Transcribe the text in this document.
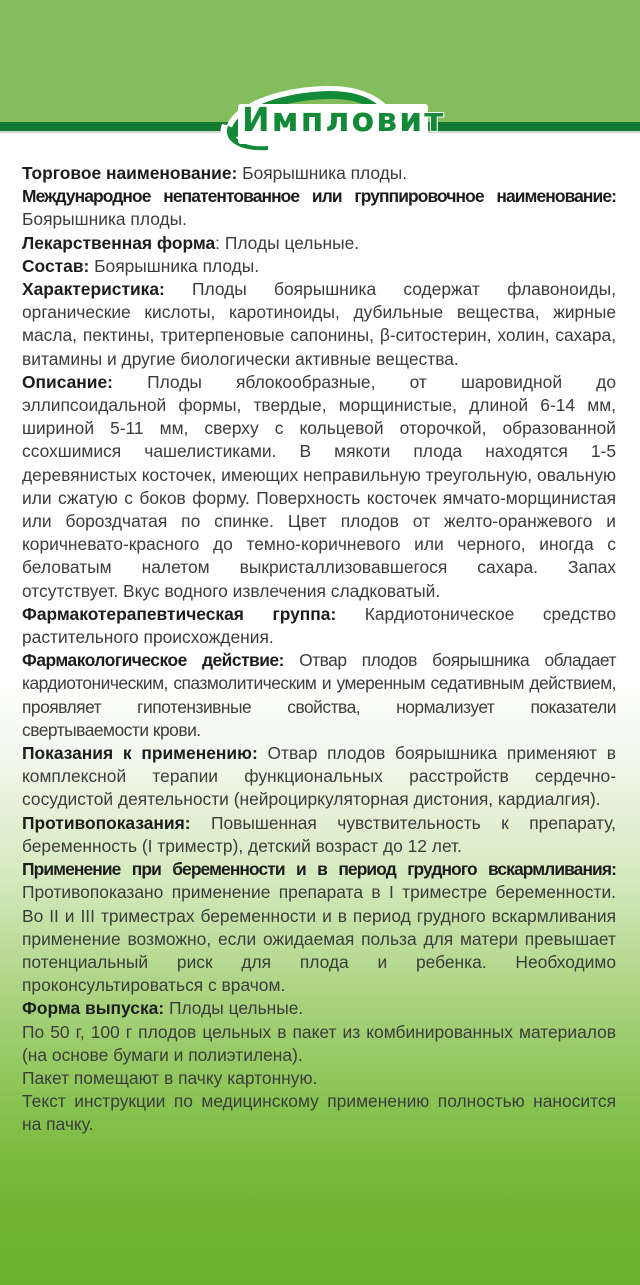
Импловит

Торговое наименование: Боярышника плоды.

Международное непатентованное или группировочное наименование: Боярышника плоды.

Лекарственная форма: Плоды цельные.

Состав: Боярышника плоды.

Характеристика: Плоды боярышника содержат флавоноиды, органические кислоты, каротиноиды, дубильные вещества, жирные масла, пектины, тритерпеновые сапонины, β-ситостерин, холин, сахара, витамины и другие биологически активные вещества.

Описание: Плоды яблокообразные, от шаровидной до эллипсоидальной формы, твердые, морщинистые, длиной 6-14 мм, шириной 5-11 мм, сверху с кольцевой оторочкой, образованной ссохшимися чашелистиками. В мякоти плода находятся 1-5 деревянистых косточек, имеющих неправильную треугольную, овальную или сжатую с боков форму. Поверхность косточек ямчато-морщинистая или бороздчатая по спинке. Цвет плодов от желто-оранжевого и коричневато-красного до темно-коричневого или черного, иногда с беловатым налетом выкристаллизовавшегося сахара. Запах отсутствует. Вкус водного извлечения сладковатый.

Фармакотерапевтическая группа: Кардиотоническое средство растительного происхождения.

Фармакологическое действие: Отвар плодов боярышника обладает кардиотоническим, спазмолитическим и умеренным седативным действием, проявляет гипотензивные свойства, нормализует показатели свертываемости крови.

Показания к применению: Отвар плодов боярышника применяют в комплексной терапии функциональных расстройств сердечно-сосудистой деятельности (нейроциркуляторная дистония, кардиалгия).

Противопоказания: Повышенная чувствительность к препарату, беременность (I триместр), детский возраст до 12 лет.

Применение при беременности и в период грудного вскармливания: Противопоказано применение препарата в I триместре беременности. Во II и III триместрах беременности и в период грудного вскармливания применение возможно, если ожидаемая польза для матери превышает потенциальный риск для плода и ребенка. Необходимо проконсультироваться с врачом.

Форма выпуска: Плоды цельные.

По 50 г, 100 г плодов цельных в пакет из комбинированных материалов (на основе бумаги и полиэтилена).

Пакет помещают в пачку картонную.

Текст инструкции по медицинскому применению полностью наносится на пачку.
